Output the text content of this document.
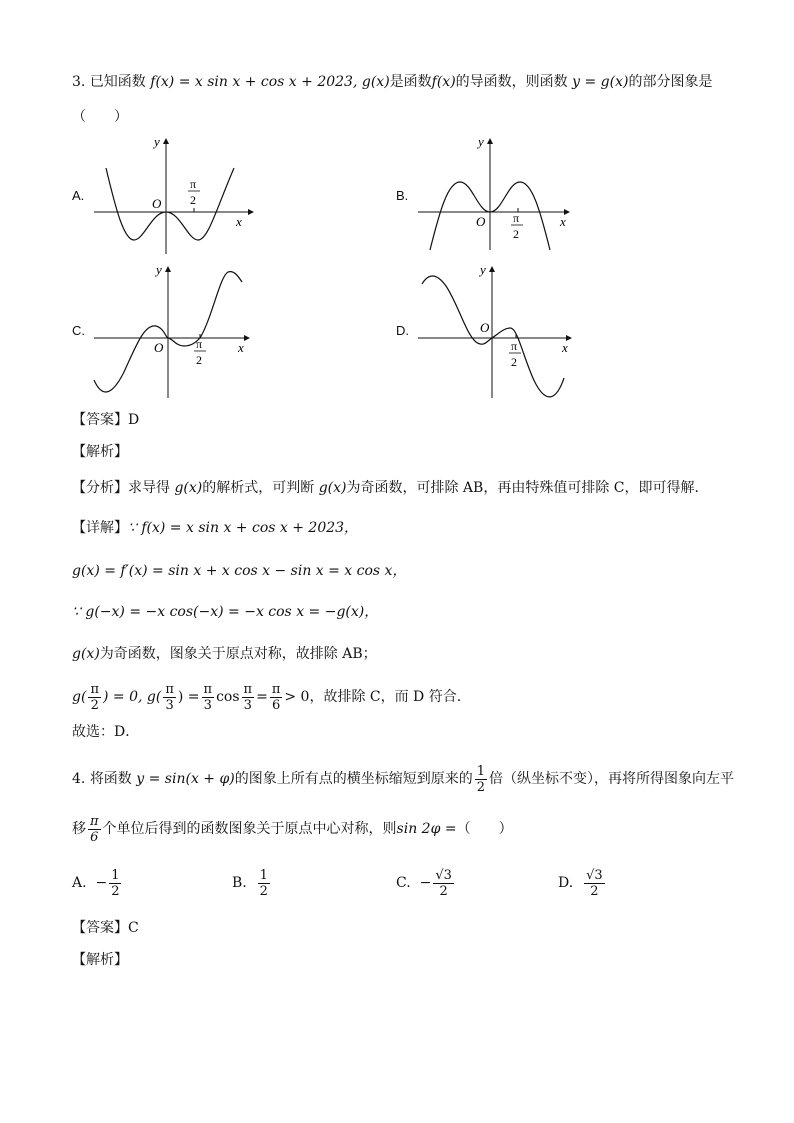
3. 已知函数 f(x) = x sin x + cos x + 2023, g(x)是函数f(x)的导函数，则函数 y = g(x)的部分图象是
（　　）
A.	B.
C.	D.
y
x
O
π
2
y
x
O π
2
y
x
O	π
2
y
x
O
π
2
【答案】D
【解析】
【分析】求导得 g(x)的解析式，可判断 g(x)为奇函数，可排除 AB，再由特殊值可排除 C，即可得解．
【详解】∵ f(x) = x sin x + cos x + 2023，
g(x) = f′(x) = sin x + x cos x − sin x = x cos x，
∵ g(−x) = −x cos(−x) = −x cos x = −g(x)，
g(x)为奇函数，图象关于原点对称，故排除 AB；
$g( \frac{\pi}{2}$ ) = 0, $g( \frac{\pi}{3}$ ) = $\frac{\pi}{3}$ $\cos \frac{\pi}{3} = \frac{\pi}{6} > 0$，故排除 C，而 D 符合.
故选：D．
4. 将函数 y = sin(x + φ)的图象上所有点的横坐标缩短到原来的 $\frac{1}{2}$ 倍（纵坐标不变），再将所得图象向左平
移 $\frac{\pi}{6}$ 个单位后得到的函数图象关于原点中心对称，则sin 2φ =（　　）
A. − $\frac{1}{2}$	B. $\frac{1}{2}$	C. − $\frac{√3}{2}$	D. $\frac{√3}{2}$
【答案】C
【解析】
